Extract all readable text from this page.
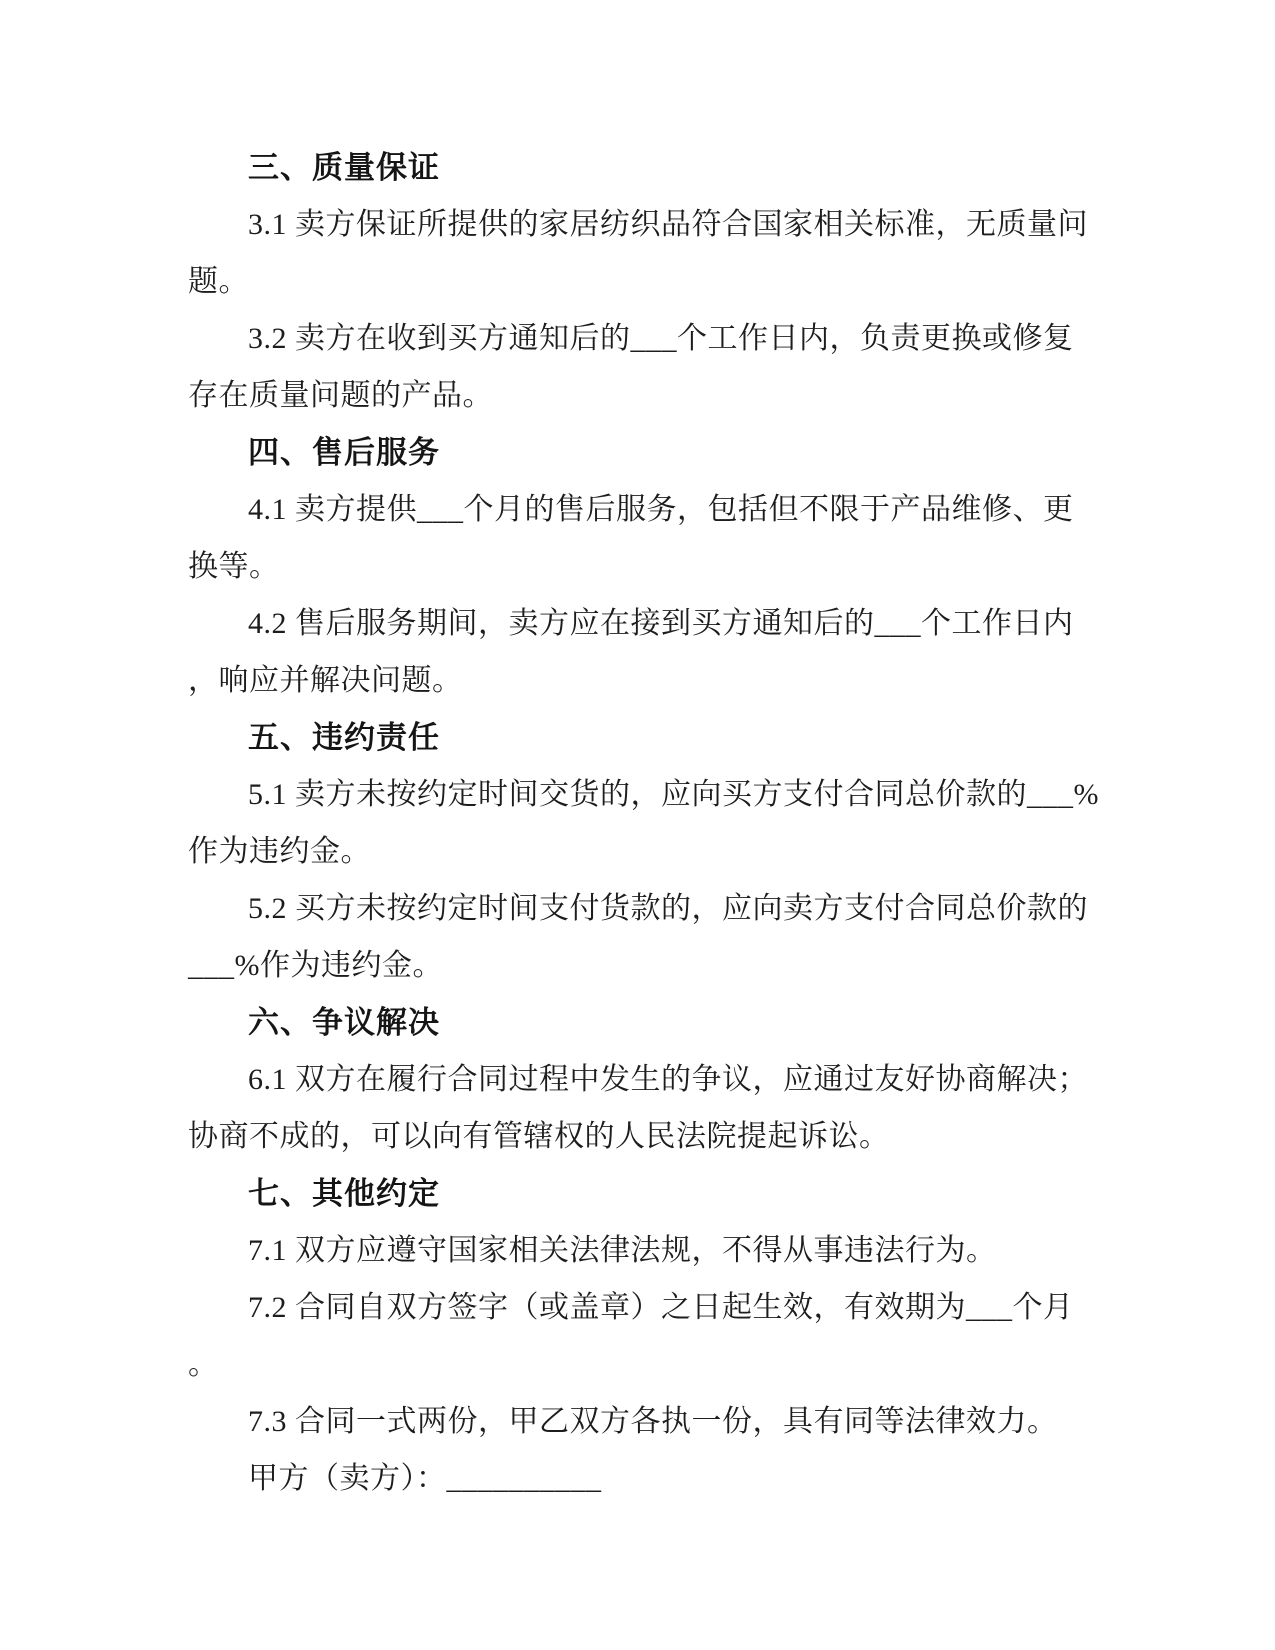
三、质量保证
3.1 卖方保证所提供的家居纺织品符合国家相关标准，无质量问
题。
3.2 卖方在收到买方通知后的___个工作日内，负责更换或修复
存在质量问题的产品。
四、售后服务
4.1 卖方提供___个月的售后服务，包括但不限于产品维修、更
换等。
4.2 售后服务期间，卖方应在接到买方通知后的___个工作日内
，响应并解决问题。
五、违约责任
5.1 卖方未按约定时间交货的，应向买方支付合同总价款的___%
作为违约金。
5.2 买方未按约定时间支付货款的，应向卖方支付合同总价款的
___%作为违约金。
六、争议解决
6.1 双方在履行合同过程中发生的争议，应通过友好协商解决；
协商不成的，可以向有管辖权的人民法院提起诉讼。
七、其他约定
7.1 双方应遵守国家相关法律法规，不得从事违法行为。
7.2 合同自双方签字（或盖章）之日起生效，有效期为___个月
。
7.3 合同一式两份，甲乙双方各执一份，具有同等法律效力。
甲方（卖方）：__________
